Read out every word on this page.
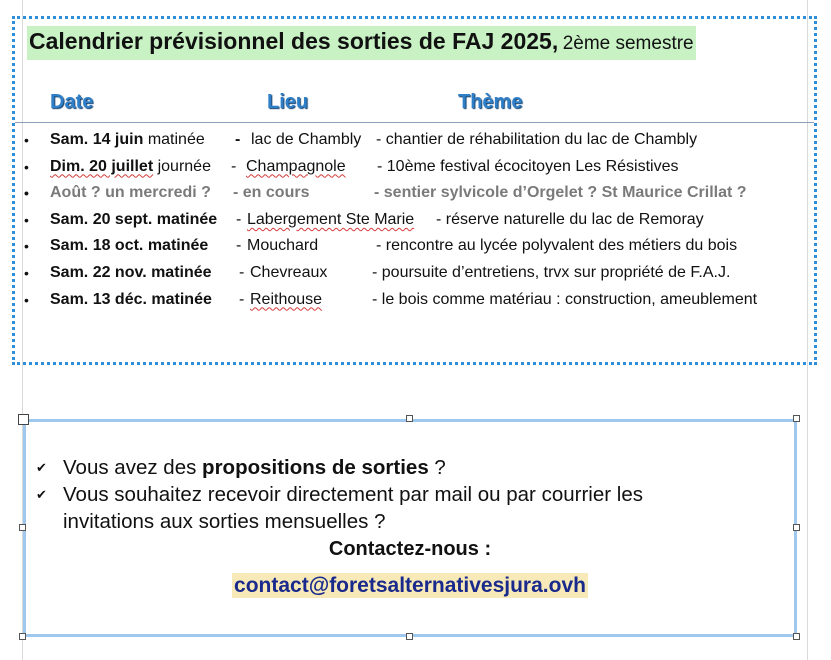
Calendrier prévisionnel des sorties de FAJ 2025, 2ème semestre
Date	Lieu	Thème
• Sam. 14 juin matinée - lac de Chambly - chantier de réhabilitation du lac de Chambly
• Dim. 20 juillet journée - Champagnole - 10ème festival écocitoyen Les Résistives
• Août ? un mercredi ? - en cours	- sentier sylvicole d’Orgelet ? St Maurice Crillat ?
• Sam. 20 sept. matinée - Labergement Ste Marie - réserve naturelle du lac de Remoray
• Sam. 18 oct. matinée - Mouchard	- rencontre au lycée polyvalent des métiers du bois
• Sam. 22 nov. matinée - Chevreaux	- poursuite d’entretiens, trvx sur propriété de F.A.J.
• Sam. 13 déc. matinée - Reithouse	- le bois comme matériau : construction, ameublement
✔ Vous avez des propositions de sorties ?
✔ Vous souhaitez recevoir directement par mail ou par courrier les
invitations aux sorties mensuelles ?
Contactez-nous :
contact@foretsalternativesjura.ovh
